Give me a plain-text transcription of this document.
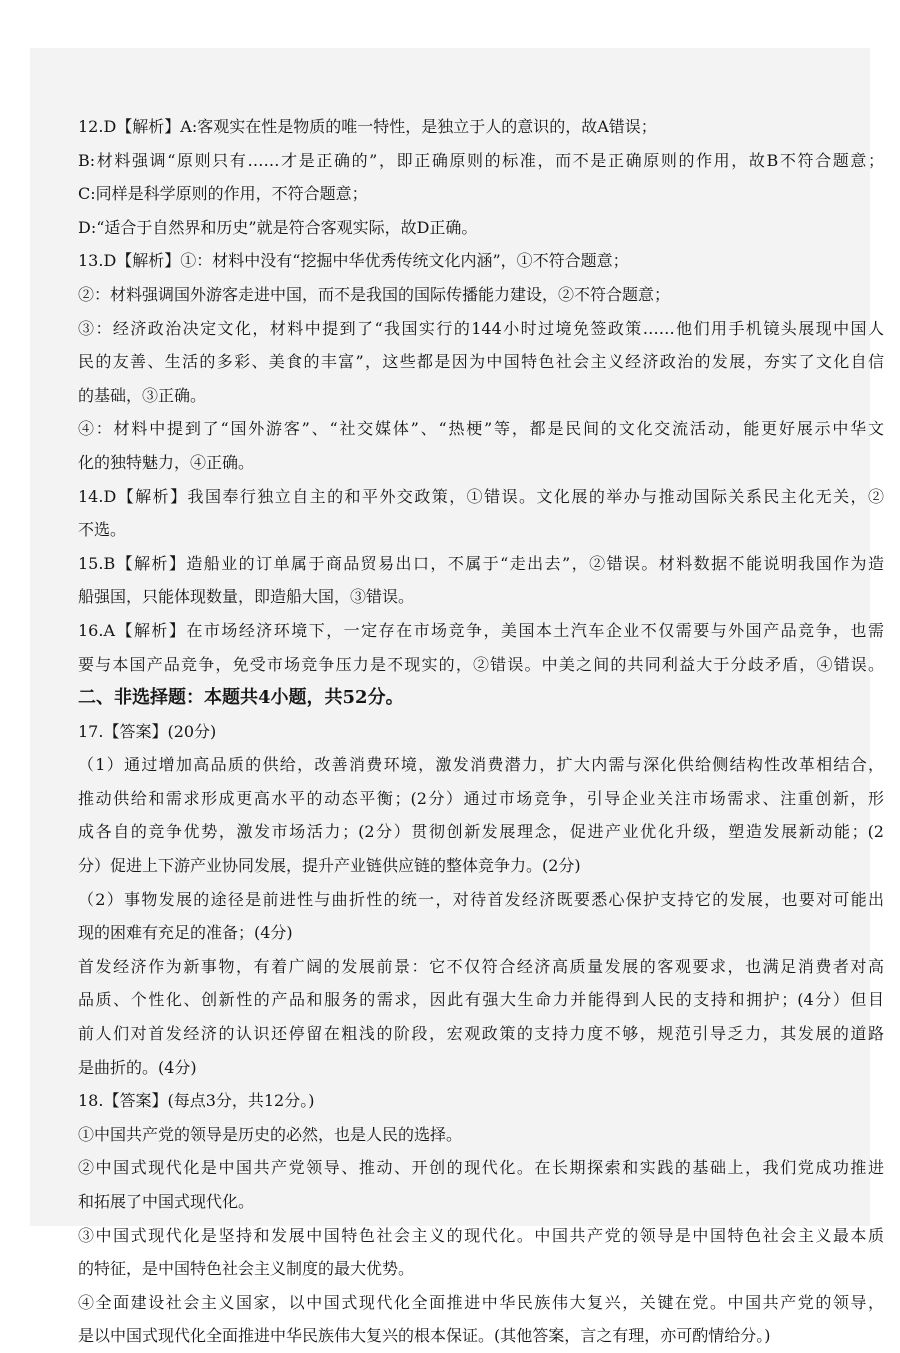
12.D【解析】A:客观实在性是物质的唯一特性，是独立于人的意识的，故A错误；
B:材料强调“原则只有……才是正确的”，即正确原则的标准，而不是正确原则的作用，故B不符合题意；
C:同样是科学原则的作用，不符合题意；
D:“适合于自然界和历史”就是符合客观实际，故D正确。
13.D【解析】①：材料中没有“挖掘中华优秀传统文化内涵”，①不符合题意；
②：材料强调国外游客走进中国，而不是我国的国际传播能力建设，②不符合题意；
③：经济政治决定文化，材料中提到了“我国实行的144小时过境免签政策……他们用手机镜头展现中国人
民的友善、生活的多彩、美食的丰富”，这些都是因为中国特色社会主义经济政治的发展，夯实了文化自信
的基础，③正确。
④：材料中提到了“国外游客”、“社交媒体”、“热梗”等，都是民间的文化交流活动，能更好展示中华文
化的独特魅力，④正确。
14.D【解析】我国奉行独立自主的和平外交政策，①错误。文化展的举办与推动国际关系民主化无关，②
不选。
15.B【解析】造船业的订单属于商品贸易出口，不属于“走出去”，②错误。材料数据不能说明我国作为造
船强国，只能体现数量，即造船大国，③错误。
16.A【解析】在市场经济环境下，一定存在市场竞争，美国本土汽车企业不仅需要与外国产品竞争，也需
要与本国产品竞争，免受市场竞争压力是不现实的，②错误。中美之间的共同利益大于分歧矛盾，④错误。
二、非选择题：本题共4小题，共52分。
17.【答案】(20分)
（1）通过增加高品质的供给，改善消费环境，激发消费潜力，扩大内需与深化供给侧结构性改革相结合，
推动供给和需求形成更高水平的动态平衡；(2分）通过市场竞争，引导企业关注市场需求、注重创新，形
成各自的竞争优势，激发市场活力；(2分）贯彻创新发展理念，促进产业优化升级，塑造发展新动能；(2
分）促进上下游产业协同发展，提升产业链供应链的整体竞争力。(2分)
（2）事物发展的途径是前进性与曲折性的统一，对待首发经济既要悉心保护支持它的发展，也要对可能出
现的困难有充足的准备；(4分)
首发经济作为新事物，有着广阔的发展前景：它不仅符合经济高质量发展的客观要求，也满足消费者对高
品质、个性化、创新性的产品和服务的需求，因此有强大生命力并能得到人民的支持和拥护；(4分）但目
前人们对首发经济的认识还停留在粗浅的阶段，宏观政策的支持力度不够，规范引导乏力，其发展的道路
是曲折的。(4分)
18.【答案】(每点3分，共12分。)
①中国共产党的领导是历史的必然，也是人民的选择。
②中国式现代化是中国共产党领导、推动、开创的现代化。在长期探索和实践的基础上，我们党成功推进
和拓展了中国式现代化。
③中国式现代化是坚持和发展中国特色社会主义的现代化。中国共产党的领导是中国特色社会主义最本质
的特征，是中国特色社会主义制度的最大优势。
④全面建设社会主义国家，以中国式现代化全面推进中华民族伟大复兴，关键在党。中国共产党的领导，
是以中国式现代化全面推进中华民族伟大复兴的根本保证。(其他答案，言之有理，亦可酌情给分。)
